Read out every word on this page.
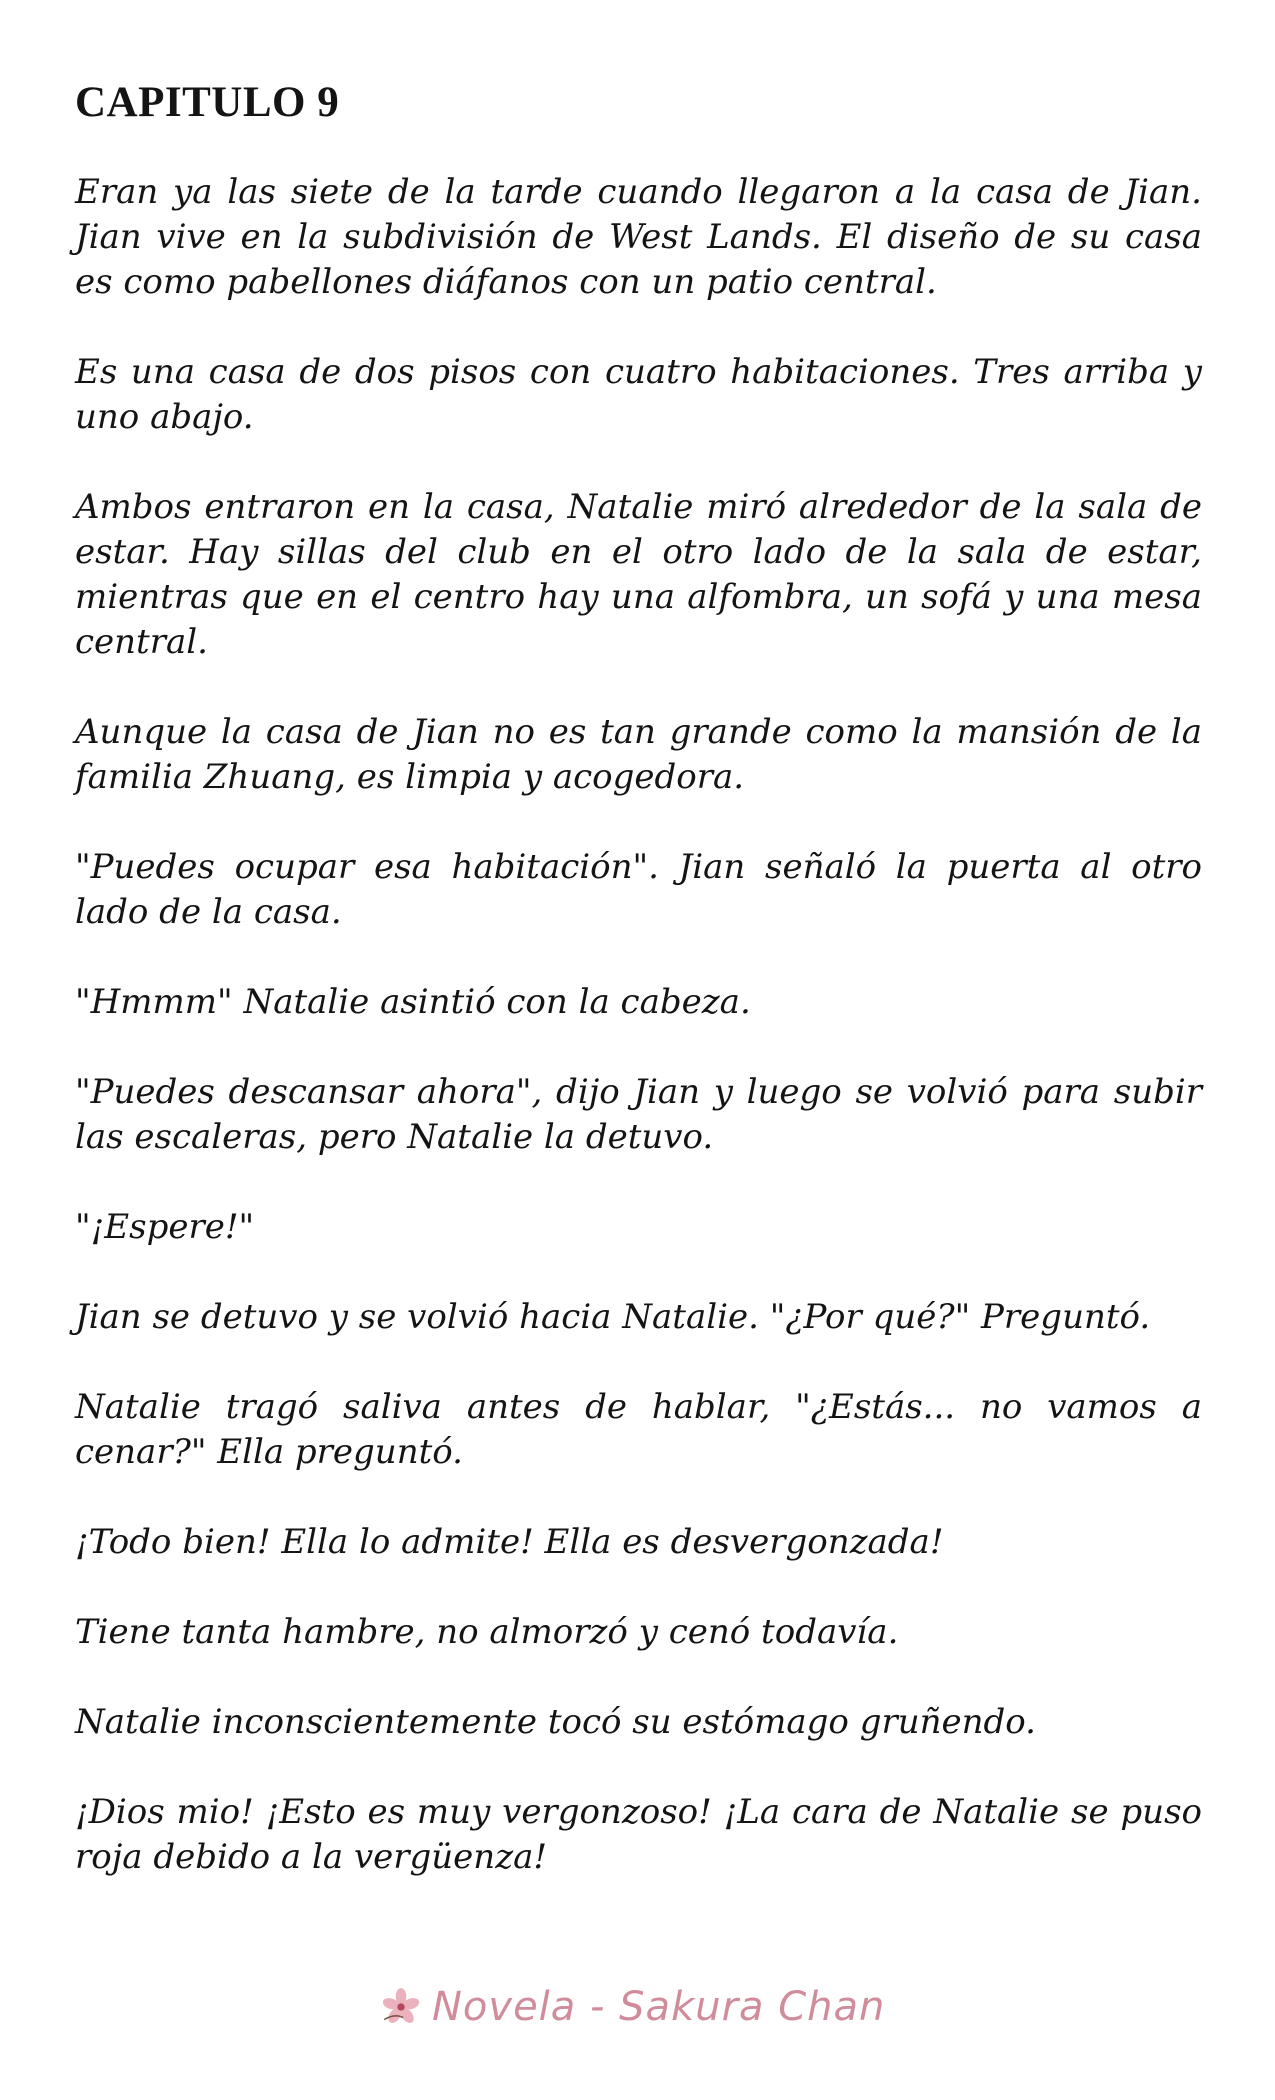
CAPITULO 9

Eran ya las siete de la tarde cuando llegaron a la casa de Jian. Jian vive en la subdivisión de West Lands. El diseño de su casa es como pabellones diáfanos con un patio central.

Es una casa de dos pisos con cuatro habitaciones. Tres arriba y uno abajo.

Ambos entraron en la casa, Natalie miró alrededor de la sala de estar. Hay sillas del club en el otro lado de la sala de estar, mientras que en el centro hay una alfombra, un sofá y una mesa central.

Aunque la casa de Jian no es tan grande como la mansión de la familia Zhuang, es limpia y acogedora.

"Puedes ocupar esa habitación". Jian señaló la puerta al otro lado de la casa.

"Hmmm" Natalie asintió con la cabeza.

"Puedes descansar ahora", dijo Jian y luego se volvió para subir las escaleras, pero Natalie la detuvo.

"¡Espere!"

Jian se detuvo y se volvió hacia Natalie. "¿Por qué?" Preguntó.

Natalie tragó saliva antes de hablar, "¿Estás... no vamos a cenar?" Ella preguntó.

¡Todo bien! Ella lo admite! Ella es desvergonzada!

Tiene tanta hambre, no almorzó y cenó todavía.

Natalie inconscientemente tocó su estómago gruñendo.

¡Dios mio! ¡Esto es muy vergonzoso! ¡La cara de Natalie se puso roja debido a la vergüenza!

Novela - Sakura Chan
